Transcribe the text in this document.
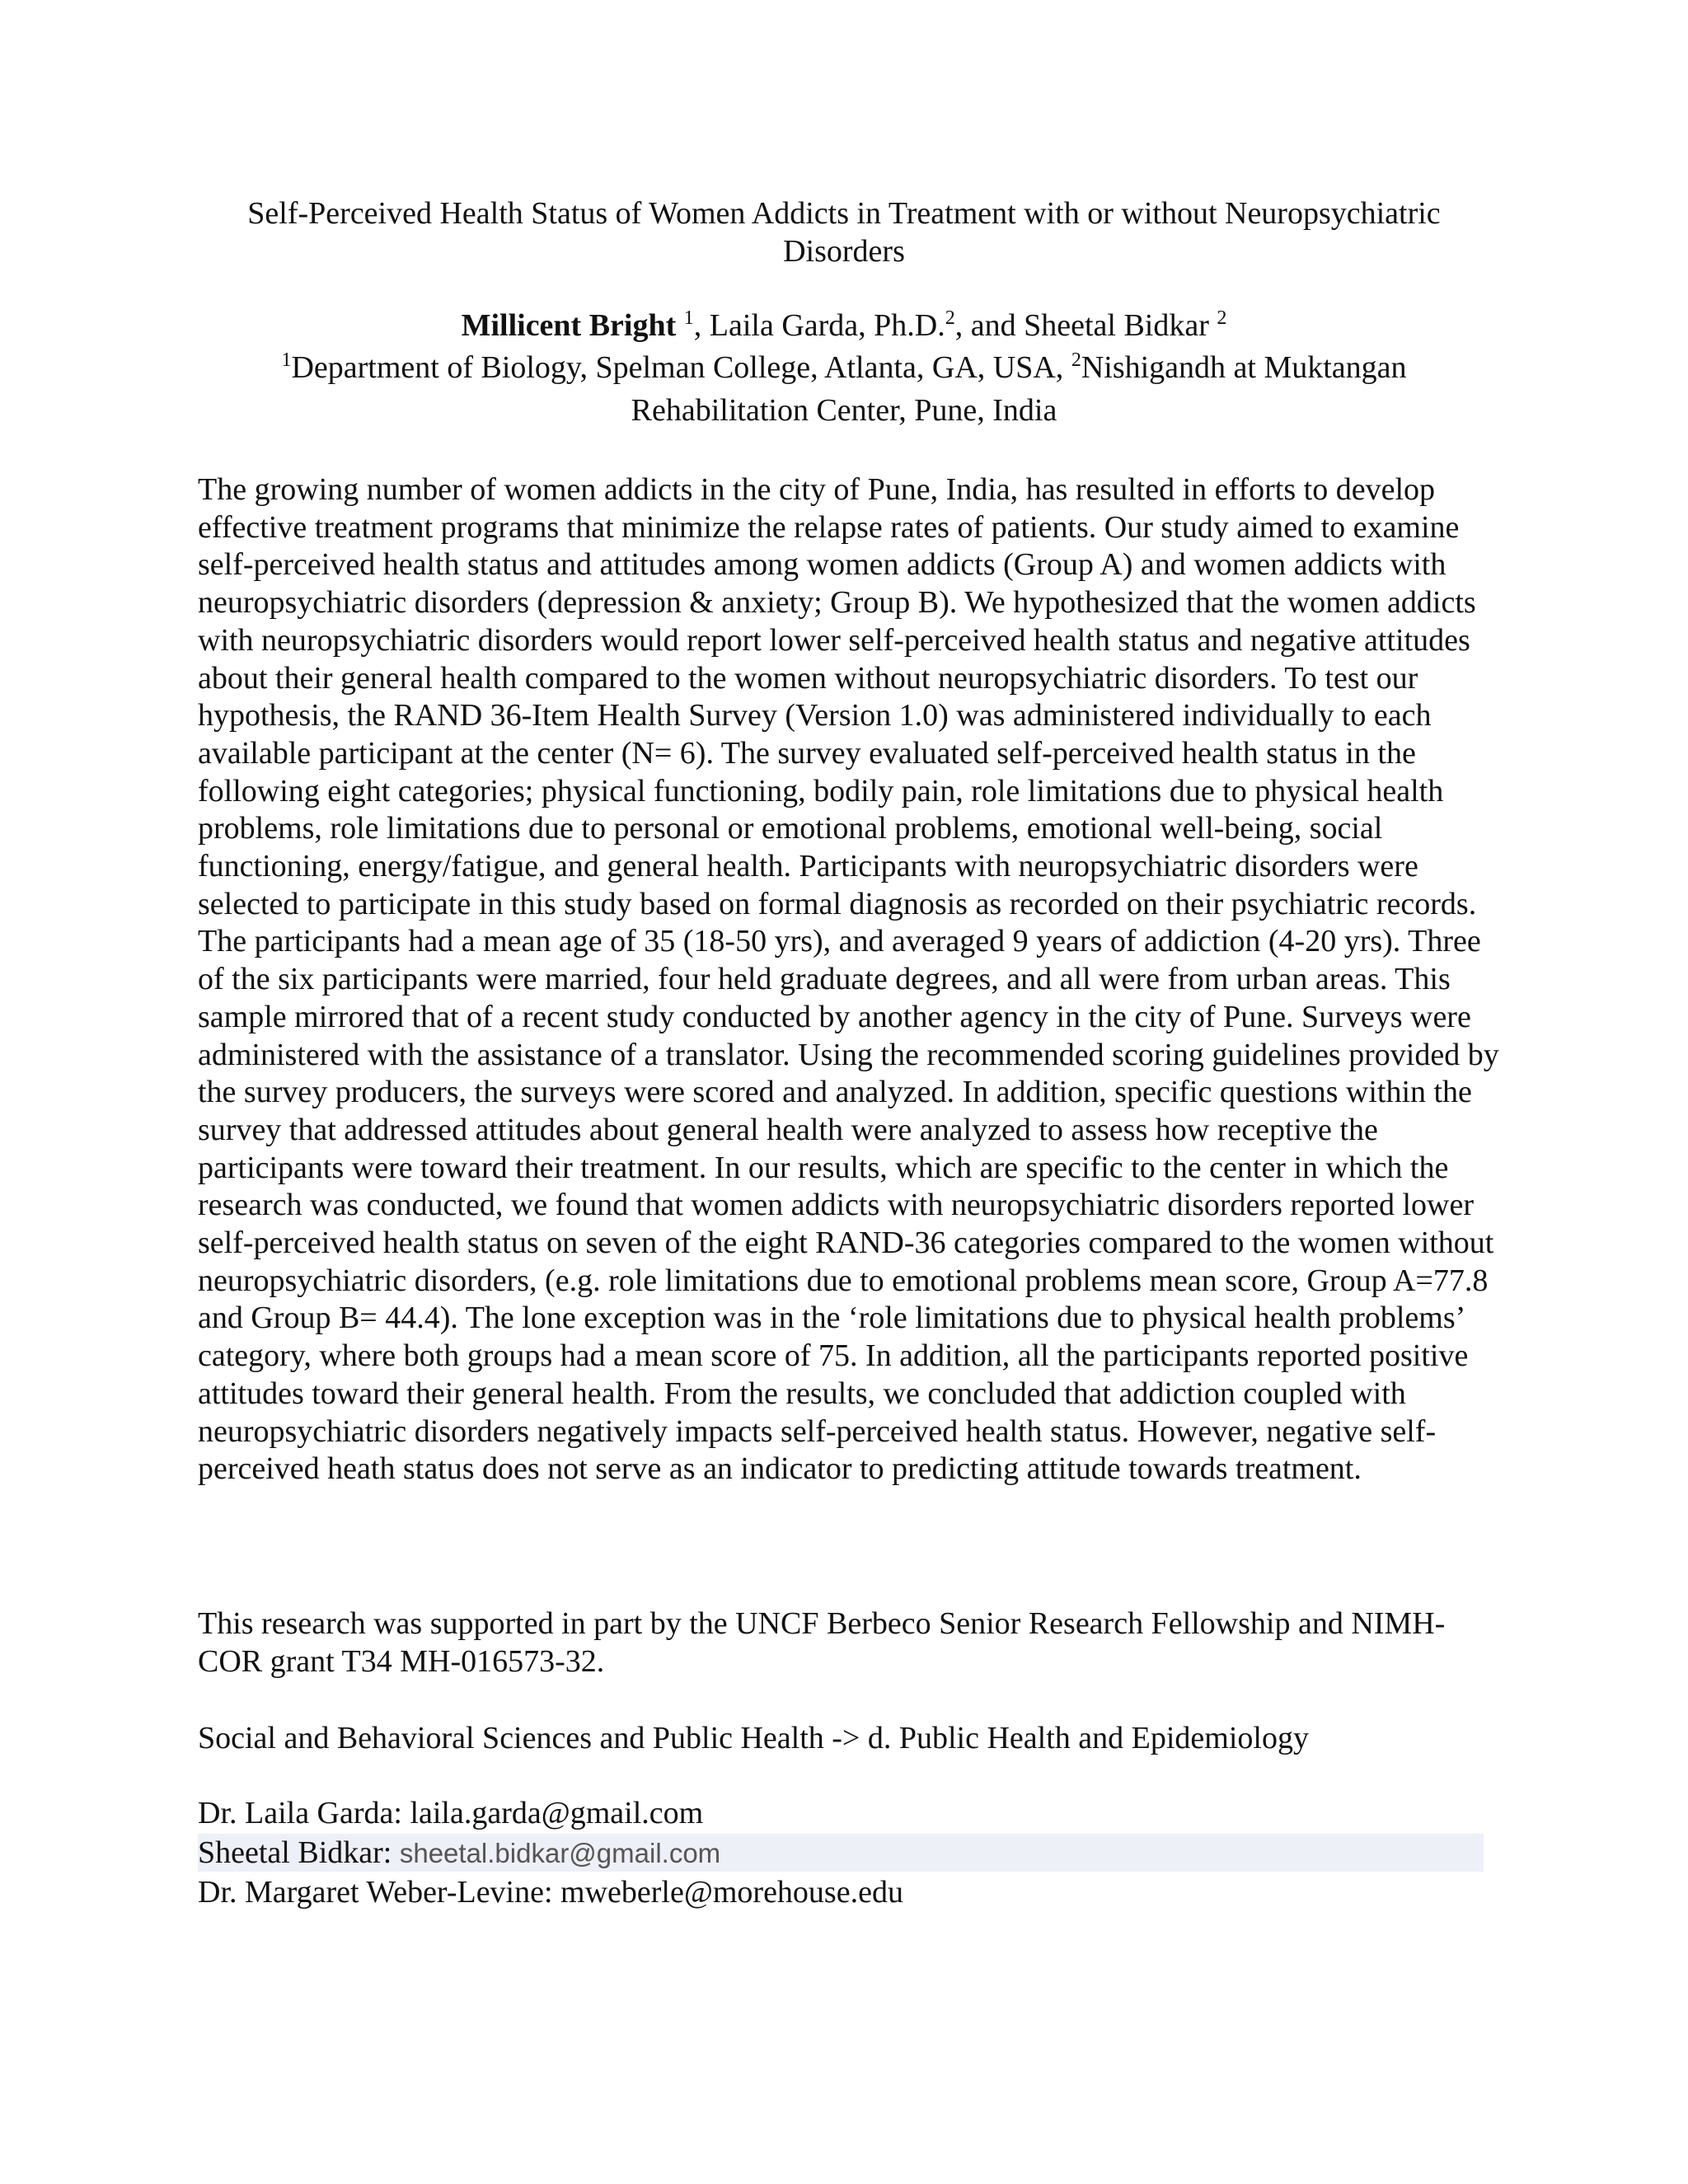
Self-Perceived Health Status of Women Addicts in Treatment with or without Neuropsychiatric Disorders
Millicent Bright $^1$, Laila Garda, Ph.D.$^2$, and Sheetal Bidkar $^2$
$^1$Department of Biology, Spelman College, Atlanta, GA, USA, $^2$Nishigandh at Muktangan Rehabilitation Center, Pune, India
The growing number of women addicts in the city of Pune, India, has resulted in efforts to develop effective treatment programs that minimize the relapse rates of patients. Our study aimed to examine self-perceived health status and attitudes among women addicts (Group A) and women addicts with neuropsychiatric disorders (depression & anxiety; Group B). We hypothesized that the women addicts with neuropsychiatric disorders would report lower self-perceived health status and negative attitudes about their general health compared to the women without neuropsychiatric disorders. To test our hypothesis, the RAND 36-Item Health Survey (Version 1.0) was administered individually to each available participant at the center (N= 6). The survey evaluated self-perceived health status in the following eight categories; physical functioning, bodily pain, role limitations due to physical health problems, role limitations due to personal or emotional problems, emotional well-being, social functioning, energy/fatigue, and general health. Participants with neuropsychiatric disorders were selected to participate in this study based on formal diagnosis as recorded on their psychiatric records. The participants had a mean age of 35 (18-50 yrs), and averaged 9 years of addiction (4-20 yrs). Three of the six participants were married, four held graduate degrees, and all were from urban areas. This sample mirrored that of a recent study conducted by another agency in the city of Pune. Surveys were administered with the assistance of a translator. Using the recommended scoring guidelines provided by the survey producers, the surveys were scored and analyzed. In addition, specific questions within the survey that addressed attitudes about general health were analyzed to assess how receptive the participants were toward their treatment. In our results, which are specific to the center in which the research was conducted, we found that women addicts with neuropsychiatric disorders reported lower self-perceived health status on seven of the eight RAND-36 categories compared to the women without neuropsychiatric disorders, (e.g. role limitations due to emotional problems mean score, Group A=77.8 and Group B= 44.4). The lone exception was in the ‘role limitations due to physical health problems’ category, where both groups had a mean score of 75. In addition, all the participants reported positive attitudes toward their general health. From the results, we concluded that addiction coupled with neuropsychiatric disorders negatively impacts self-perceived health status. However, negative self-perceived heath status does not serve as an indicator to predicting attitude towards treatment.
This research was supported in part by the UNCF Berbeco Senior Research Fellowship and NIMH-COR grant T34 MH-016573-32.
Social and Behavioral Sciences and Public Health -> d. Public Health and Epidemiology
Dr. Laila Garda: laila.garda@gmail.com
Sheetal Bidkar: sheetal.bidkar@gmail.com
Dr. Margaret Weber-Levine: mweberle@morehouse.edu
